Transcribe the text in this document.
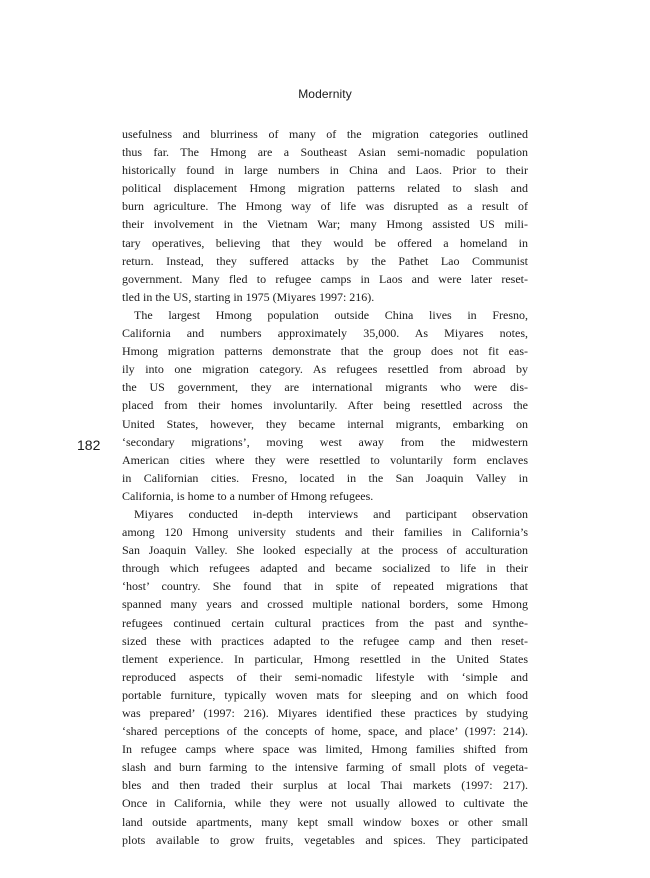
Modernity
182
usefulness and blurriness of many of the migration categories outlined
thus far. The Hmong are a Southeast Asian semi-nomadic population
historically found in large numbers in China and Laos. Prior to their
political displacement Hmong migration patterns related to slash and
burn agriculture. The Hmong way of life was disrupted as a result of
their involvement in the Vietnam War; many Hmong assisted US mili-
tary operatives, believing that they would be offered a homeland in
return. Instead, they suffered attacks by the Pathet Lao Communist
government. Many fled to refugee camps in Laos and were later reset-
tled in the US, starting in 1975 (Miyares 1997: 216).
The largest Hmong population outside China lives in Fresno,
California and numbers approximately 35,000. As Miyares notes,
Hmong migration patterns demonstrate that the group does not fit eas-
ily into one migration category. As refugees resettled from abroad by
the US government, they are international migrants who were dis-
placed from their homes involuntarily. After being resettled across the
United States, however, they became internal migrants, embarking on
‘secondary migrations’, moving west away from the midwestern
American cities where they were resettled to voluntarily form enclaves
in Californian cities. Fresno, located in the San Joaquin Valley in
California, is home to a number of Hmong refugees.
Miyares conducted in-depth interviews and participant observation
among 120 Hmong university students and their families in California’s
San Joaquin Valley. She looked especially at the process of acculturation
through which refugees adapted and became socialized to life in their
‘host’ country. She found that in spite of repeated migrations that
spanned many years and crossed multiple national borders, some Hmong
refugees continued certain cultural practices from the past and synthe-
sized these with practices adapted to the refugee camp and then reset-
tlement experience. In particular, Hmong resettled in the United States
reproduced aspects of their semi-nomadic lifestyle with ‘simple and
portable furniture, typically woven mats for sleeping and on which food
was prepared’ (1997: 216). Miyares identified these practices by studying
‘shared perceptions of the concepts of home, space, and place’ (1997: 214).
In refugee camps where space was limited, Hmong families shifted from
slash and burn farming to the intensive farming of small plots of vegeta-
bles and then traded their surplus at local Thai markets (1997: 217).
Once in California, while they were not usually allowed to cultivate the
land outside apartments, many kept small window boxes or other small
plots available to grow fruits, vegetables and spices. They participated
